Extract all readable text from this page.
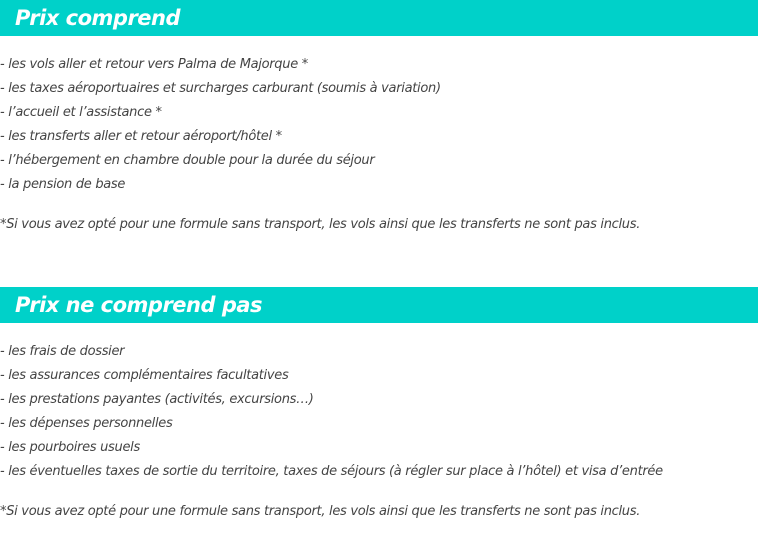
Prix comprend
- les vols aller et retour vers Palma de Majorque *
- les taxes aéroportuaires et surcharges carburant (soumis à variation)
- l’accueil et l’assistance *
- les transferts aller et retour aéroport/hôtel *
- l’hébergement en chambre double pour la durée du séjour
- la pension de base
*Si vous avez opté pour une formule sans transport, les vols ainsi que les transferts ne sont pas inclus.
Prix ne comprend pas
- les frais de dossier
- les assurances complémentaires facultatives
- les prestations payantes (activités, excursions…)
- les dépenses personnelles
- les pourboires usuels
- les éventuelles taxes de sortie du territoire, taxes de séjours (à régler sur place à l’hôtel) et visa d’entrée
*Si vous avez opté pour une formule sans transport, les vols ainsi que les transferts ne sont pas inclus.
